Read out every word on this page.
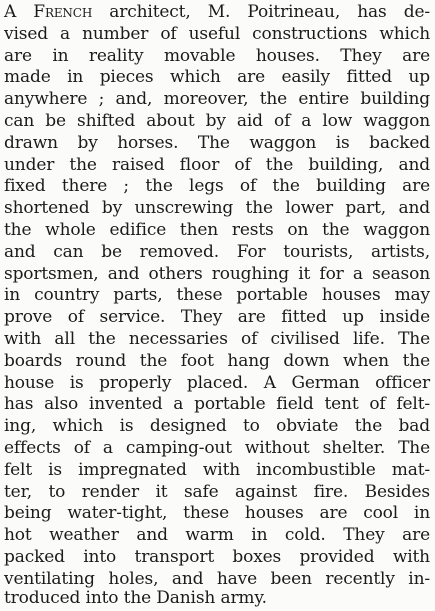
A French architect, M. Poitrineau, has de-
vised a number of useful constructions which
are in reality movable houses. They are
made in pieces which are easily fitted up
anywhere ; and, moreover, the entire building
can be shifted about by aid of a low waggon
drawn by horses. The waggon is backed
under the raised floor of the building, and
fixed there ; the legs of the building are
shortened by unscrewing the lower part, and
the whole edifice then rests on the waggon
and can be removed. For tourists, artists,
sportsmen, and others roughing it for a season
in country parts, these portable houses may
prove of service. They are fitted up inside
with all the necessaries of civilised life. The
boards round the foot hang down when the
house is properly placed. A German officer
has also invented a portable field tent of felt-
ing, which is designed to obviate the bad
effects of a camping-out without shelter. The
felt is impregnated with incombustible mat-
ter, to render it safe against fire. Besides
being water-tight, these houses are cool in
hot weather and warm in cold. They are
packed into transport boxes provided with
ventilating holes, and have been recently in-
troduced into the Danish army.
